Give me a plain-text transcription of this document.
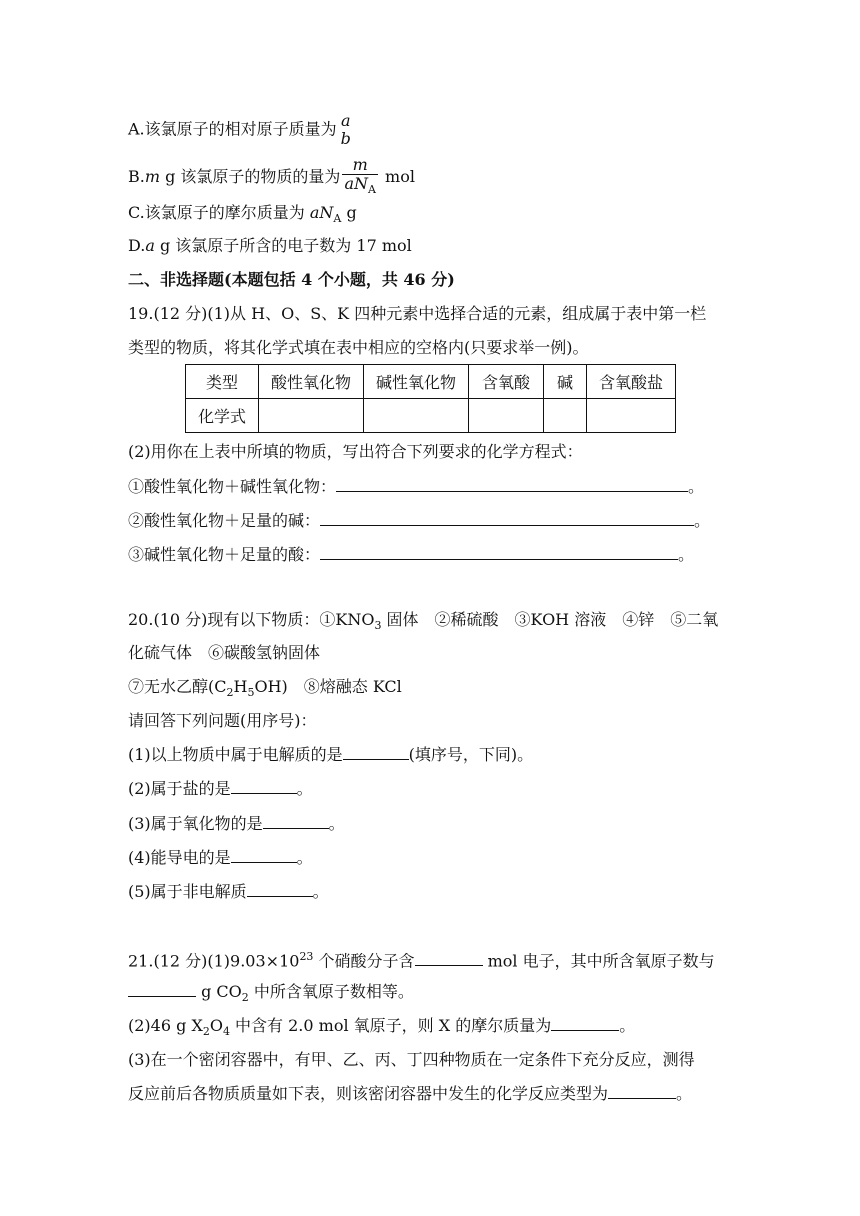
A.该氯原子的相对原子质量为 a
b
B.m g 该氯原子的物质的量为 $\frac{m}{aN_A}$ mol
C.该氯原子的摩尔质量为 $aN_A$ g
D.a g 该氯原子所含的电子数为 17 mol
二、非选择题(本题包括 4 个小题，共 46 分)
19.(12 分)(1)从 H、O、S、K 四种元素中选择合适的元素，组成属于表中第一栏
类型的物质，将其化学式填在表中相应的空格内(只要求举一例)。
类型	酸性氧化物	碱性氧化物	含氧酸	碱	含氧酸盐
化学式					
(2)用你在上表中所填的物质，写出符合下列要求的化学方程式：
①酸性氧化物＋碱性氧化物：	。
②酸性氧化物＋足量的碱：	。
③碱性氧化物＋足量的酸：	。
20.(10 分)现有以下物质：$①KNO_3$ 固体　②稀硫酸　③KOH 溶液　④锌　⑤二氧
化硫气体　⑥碳酸氢钠固体
⑦无水乙醇$(C_2H_5OH)$　⑧熔融态 KCl
请回答下列问题(用序号)：
(1)以上物质中属于电解质的是	(填序号，下同)。
(2)属于盐的是	。
(3)属于氧化物的是	。
(4)能导电的是	。
(5)属于非电解质	。
21.(12 分)$(1)9.03\times 10^{23}$ 个硝酸分子含	mol 电子，其中所含氧原子数与
g $CO_2$ 中所含氧原子数相等。
(2)46 g $X_2O_4$ 中含有 2.0 mol 氧原子，则 X 的摩尔质量为	。
(3)在一个密闭容器中，有甲、乙、丙、丁四种物质在一定条件下充分反应，测得
反应前后各物质质量如下表，则该密闭容器中发生的化学反应类型为	。
